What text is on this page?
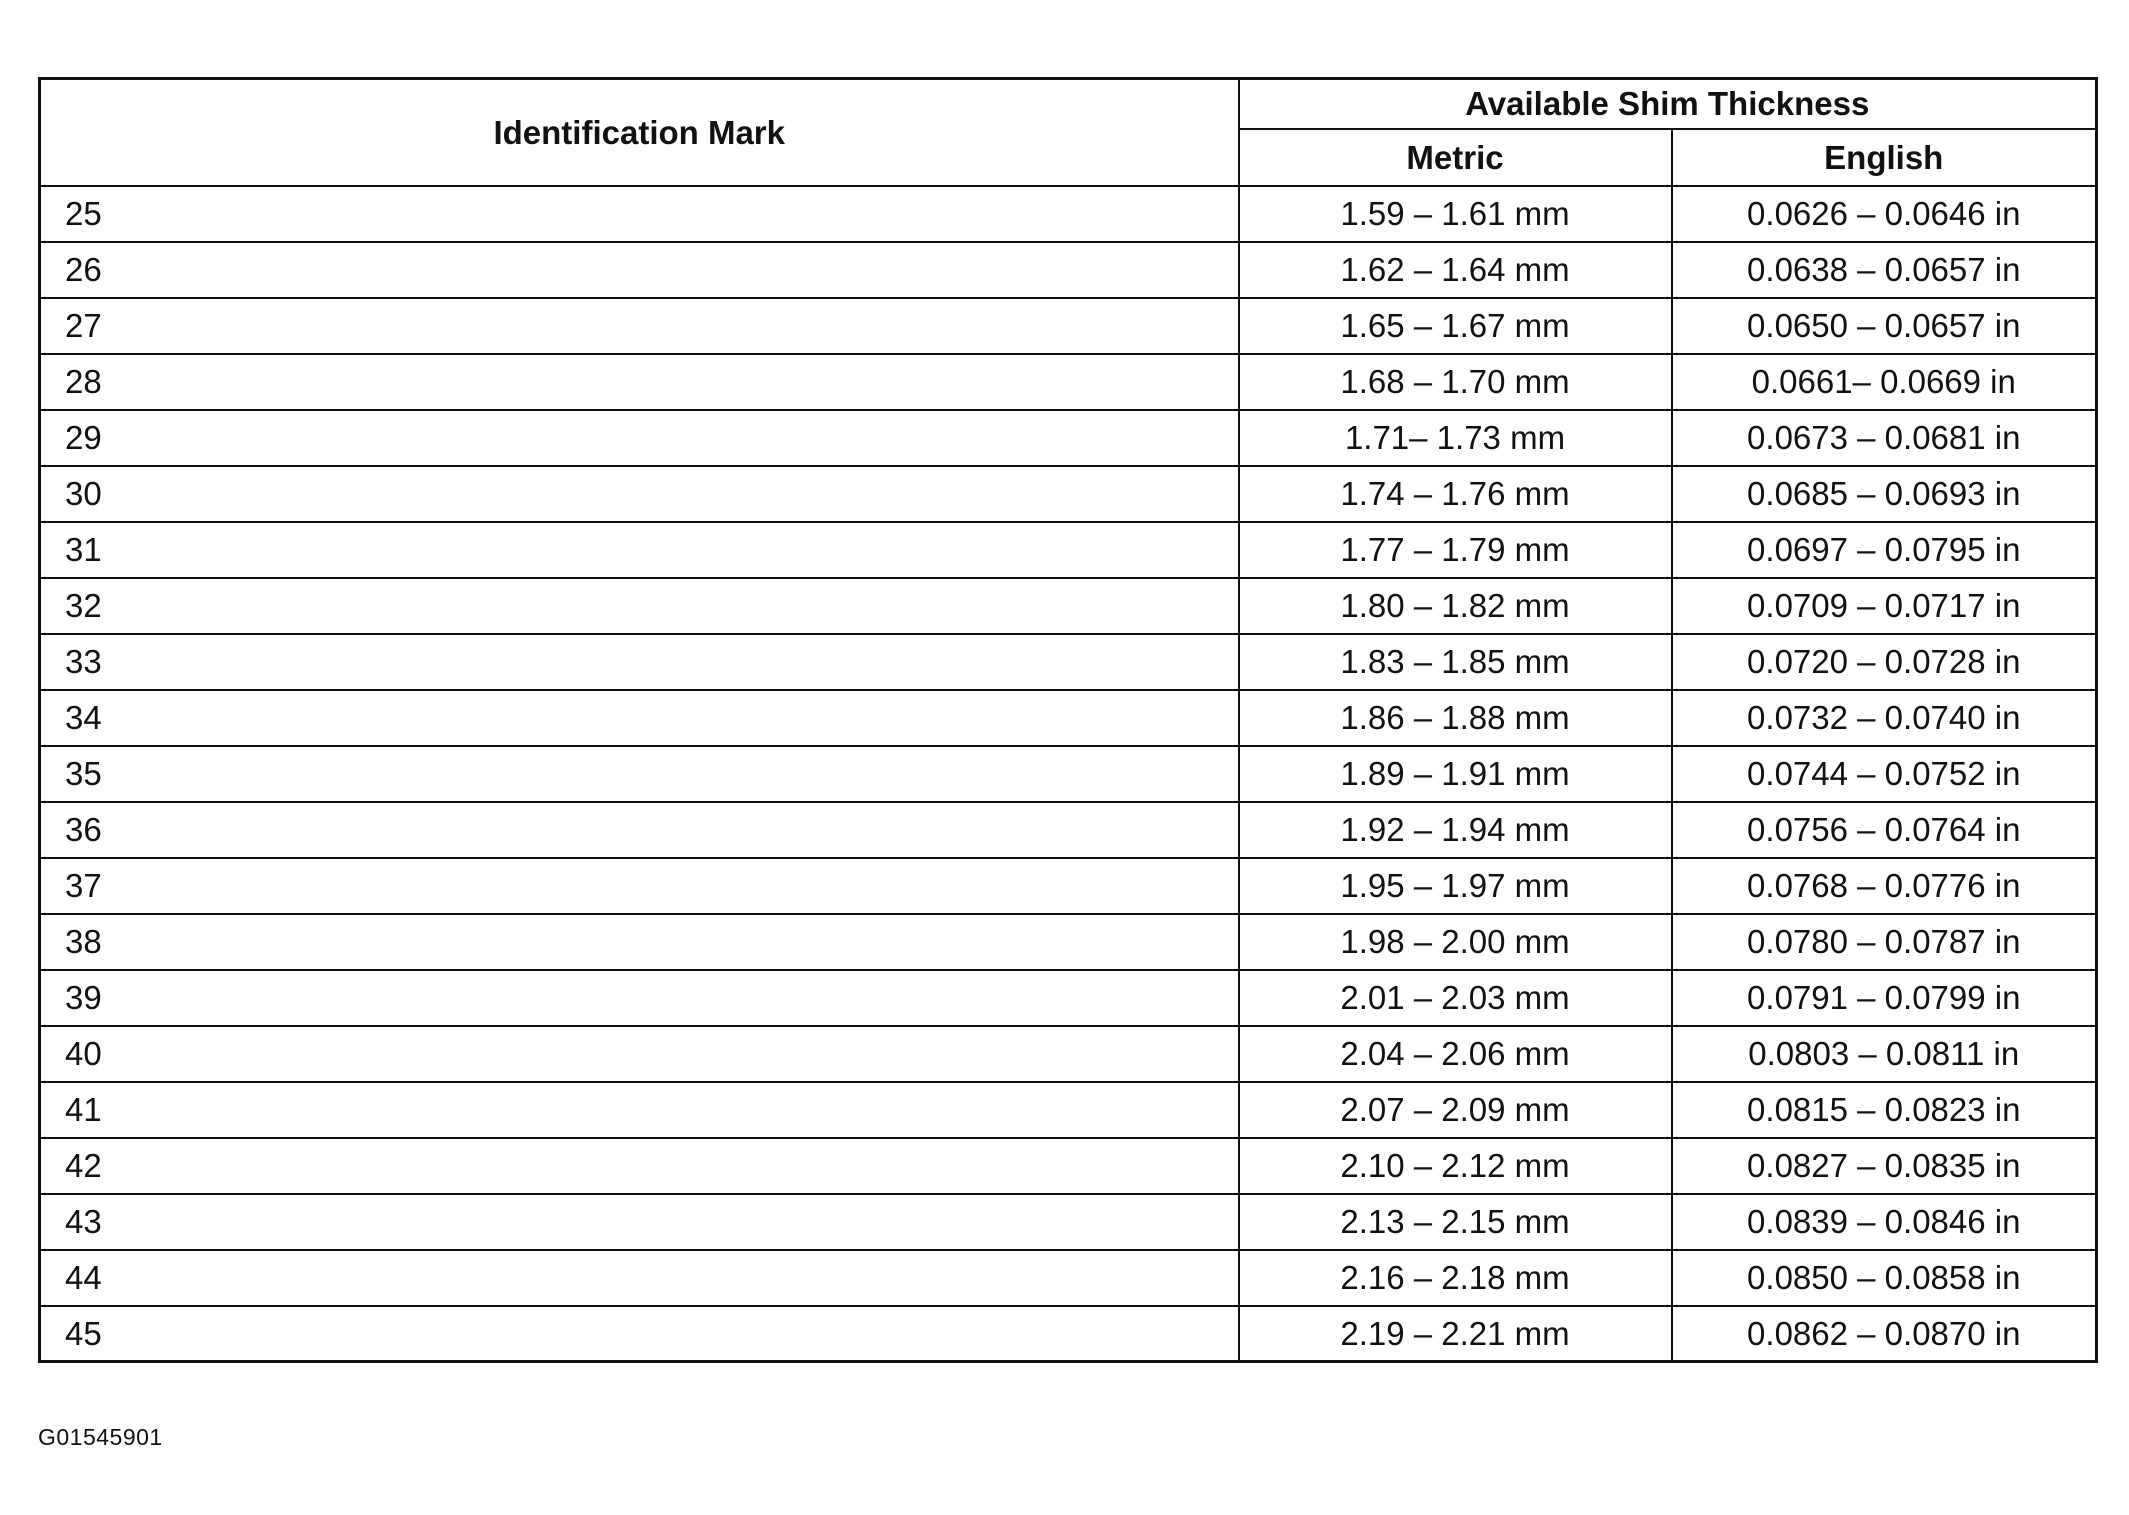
Identification Mark	Available Shim Thickness	
	Metric	English
25	1.59 – 1.61 mm	0.0626 – 0.0646 in
26	1.62 – 1.64 mm	0.0638 – 0.0657 in
27	1.65 – 1.67 mm	0.0650 – 0.0657 in
28	1.68 – 1.70 mm	0.0661– 0.0669 in
29	1.71– 1.73 mm	0.0673 – 0.0681 in
30	1.74 – 1.76 mm	0.0685 – 0.0693 in
31	1.77 – 1.79 mm	0.0697 – 0.0795 in
32	1.80 – 1.82 mm	0.0709 – 0.0717 in
33	1.83 – 1.85 mm	0.0720 – 0.0728 in
34	1.86 – 1.88 mm	0.0732 – 0.0740 in
35	1.89 – 1.91 mm	0.0744 – 0.0752 in
36	1.92 – 1.94 mm	0.0756 – 0.0764 in
37	1.95 – 1.97 mm	0.0768 – 0.0776 in
38	1.98 – 2.00 mm	0.0780 – 0.0787 in
39	2.01 – 2.03 mm	0.0791 – 0.0799 in
40	2.04 – 2.06 mm	0.0803 – 0.0811 in
41	2.07 – 2.09 mm	0.0815 – 0.0823 in
42	2.10 – 2.12 mm	0.0827 – 0.0835 in
43	2.13 – 2.15 mm	0.0839 – 0.0846 in
44	2.16 – 2.18 mm	0.0850 – 0.0858 in
45	2.19 – 2.21 mm	0.0862 – 0.0870 in
G01545901
